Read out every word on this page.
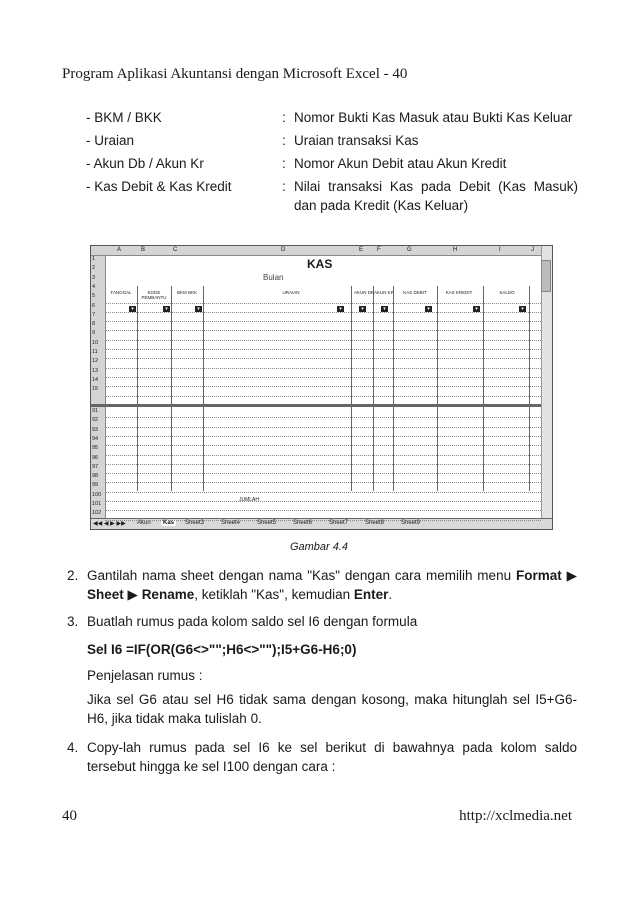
Program Aplikasi Akuntansi dengan Microsoft Excel - 40
- BKM / BKK	: Nomor Bukti Kas Masuk atau Bukti Kas Keluar
- Uraian	: Uraian transaksi Kas
- Akun Db / Akun Kr	: Nomor Akun Debit atau Akun Kredit
- Kas Debit & Kas Kredit	: Nilai transaksi Kas pada Debit (Kas Masuk) dan pada Kredit (Kas Keluar)
A	B	C	D	E F	G	H	I	J
KAS
Bulan
TANGGAL	KODE PEMBANTU
BKM BKK	URAIAN	AKUN DB AKUN KR	KAS DEBIT	KAS KREDIT	SALDO
▾	▾	▾	▾	▾	▾	▾	▾	▾
JUMLAH
◀◀ ◀ ▶ ▶▶ Akun	Kas	Sheet3	Sheet4	Sheet5	Sheet6	Sheet7	Sheet8	Sheet9
1
2
3
4
5
6
7
8
9
10
11
12
13
14
15
91
92
93
94
95
96
97
98
99
100
101
102
Gambar 4.4
2. Gantilah nama sheet dengan nama "Kas" dengan cara memilih menu Format ▶ Sheet ▶ Rename, ketiklah "Kas", kemudian Enter.
3. Buatlah rumus pada kolom saldo sel I6 dengan formula
Sel I6 =IF(OR(G6<>"";H6<>"");I5+G6-H6;0)
Penjelasan rumus :
Jika sel G6 atau sel H6 tidak sama dengan kosong, maka hitunglah sel I5+G6-H6, jika tidak maka tulislah 0.
4. Copy-lah rumus pada sel I6 ke sel berikut di bawahnya pada kolom saldo tersebut hingga ke sel I100 dengan cara :
40	http://xclmedia.net
